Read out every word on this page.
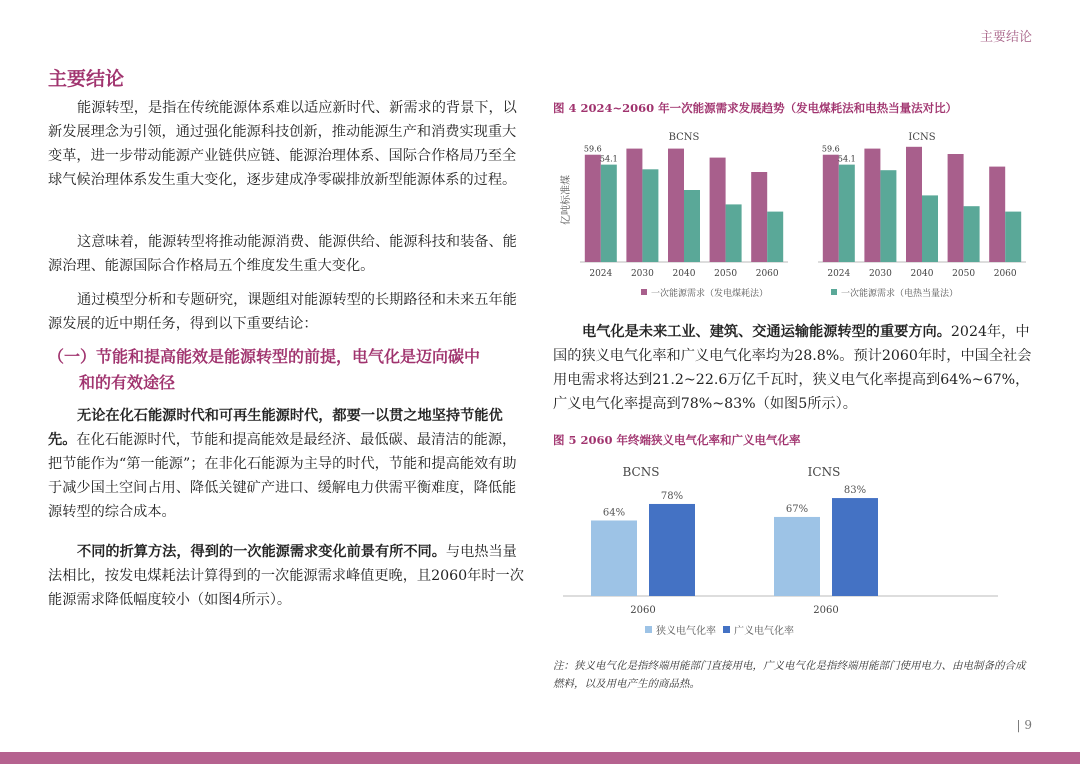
主要结论
主要结论
能源转型，是指在传统能源体系难以适应新时代、新需求的背景下，以新发展理念为引领，通过强化能源科技创新，推动能源生产和消费实现重大变革，进一步带动能源产业链供应链、能源治理体系、国际合作格局乃至全球气候治理体系发生重大变化，逐步建成净零碳排放新型能源体系的过程。
这意味着，能源转型将推动能源消费、能源供给、能源科技和装备、能源治理、能源国际合作格局五个维度发生重大变化。
通过模型分析和专题研究，课题组对能源转型的长期路径和未来五年能源发展的近中期任务，得到以下重要结论：
（一）节能和提高能效是能源转型的前提，电气化是迈向碳中
和的有效途径
无论在化石能源时代和可再生能源时代，都要一以贯之地坚持节能优先。在化石能源时代，节能和提高能效是最经济、最低碳、最清洁的能源，把节能作为“第一能源”；在非化石能源为主导的时代，节能和提高能效有助于减少国土空间占用、降低关键矿产进口、缓解电力供需平衡难度，降低能源转型的综合成本。
不同的折算方法，得到的一次能源需求变化前景有所不同。与电热当量法相比，按发电煤耗法计算得到的一次能源需求峰值更晚，且2060年时一次能源需求降低幅度较小（如图4所示）。
图 4 2024~2060 年一次能源需求发展趋势（发电煤耗法和电热当量法对比）
亿吨标准煤
BCNS
59.6
54.1
2024 2030 2040 2050 2060
ICNS
59.6
54.1
2024 2030 2040 2050 2060
一次能源需求（发电煤耗法）	一次能源需求（电热当量法）
电气化是未来工业、建筑、交通运输能源转型的重要方向。2024年，中国的狭义电气化率和广义电气化率均为28.8%。预计2060年时，中国全社会用电需求将达到21.2~22.6万亿千瓦时，狭义电气化率提高到64%~67%，广义电气化率提高到78%~83%（如图5所示）。
图 5 2060 年终端狭义电气化率和广义电气化率
BCNS
64%
78%
2060
ICNS
67%
83%
2060
狭义电气化率 广义电气化率
注：狭义电气化是指终端用能部门直接用电，广义电气化是指终端用能部门使用电力、由电制备的合成燃料，以及用电产生的商品热。
| 9
